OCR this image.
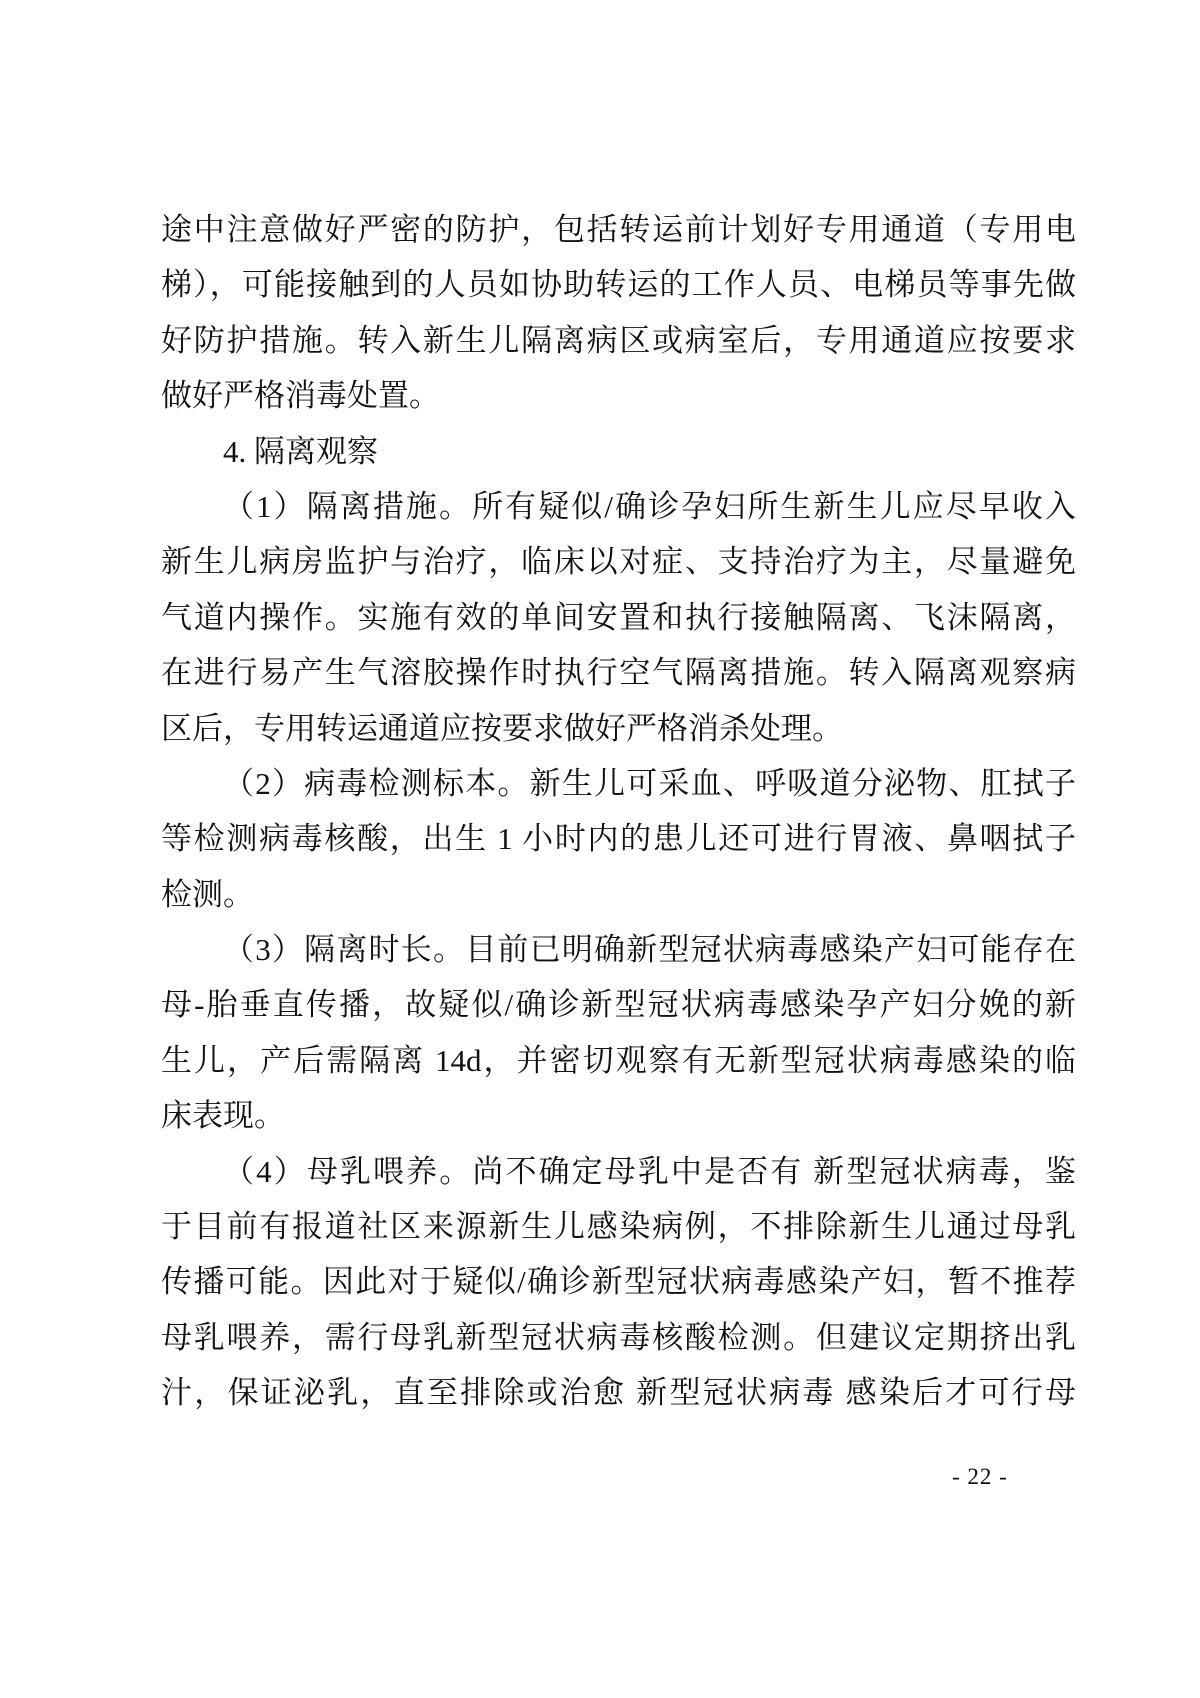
途中注意做好严密的防护，包括转运前计划好专用通道（专用电
梯），可能接触到的人员如协助转运的工作人员、电梯员等事先做
好防护措施。转入新生儿隔离病区或病室后，专用通道应按要求
做好严格消毒处置。
4. 隔离观察
（1）隔离措施。所有疑似/确诊孕妇所生新生儿应尽早收入
新生儿病房监护与治疗，临床以对症、支持治疗为主，尽量避免
气道内操作。实施有效的单间安置和执行接触隔离、飞沫隔离，
在进行易产生气溶胶操作时执行空气隔离措施。转入隔离观察病
区后，专用转运通道应按要求做好严格消杀处理。
（2）病毒检测标本。新生儿可采血、呼吸道分泌物、肛拭子
等检测病毒核酸，出生 1 小时内的患儿还可进行胃液、鼻咽拭子
检测。
（3）隔离时长。目前已明确新型冠状病毒感染产妇可能存在
母-胎垂直传播，故疑似/确诊新型冠状病毒感染孕产妇分娩的新
生儿，产后需隔离 14d，并密切观察有无新型冠状病毒感染的临
床表现。
（4）母乳喂养。尚不确定母乳中是否有 新型冠状病毒，鉴
于目前有报道社区来源新生儿感染病例，不排除新生儿通过母乳
传播可能。因此对于疑似/确诊新型冠状病毒感染产妇，暂不推荐
母乳喂养，需行母乳新型冠状病毒核酸检测。但建议定期挤出乳
汁，保证泌乳，直至排除或治愈 新型冠状病毒 感染后才可行母
- 22 -
